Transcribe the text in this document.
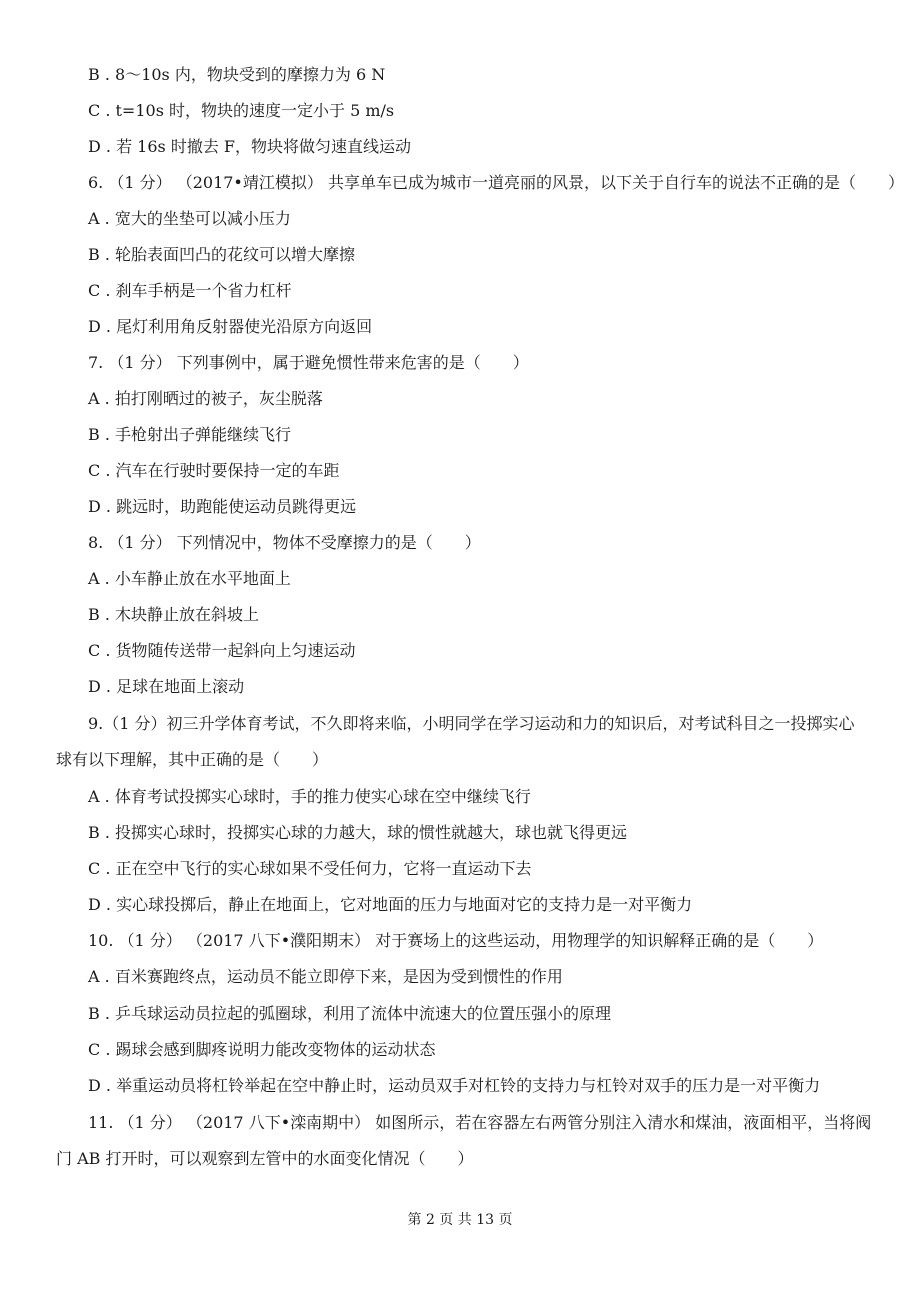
B . 8～10s 内，物块受到的摩擦力为 6 N
C . t=10s 时，物块的速度一定小于 5 m/s
D . 若 16s 时撤去 F，物块将做匀速直线运动
6. （1 分） （2017•靖江模拟） 共享单车已成为城市一道亮丽的风景，以下关于自行车的说法不正确的是（　　）
A . 宽大的坐垫可以减小压力
B . 轮胎表面凹凸的花纹可以增大摩擦
C . 刹车手柄是一个省力杠杆
D . 尾灯利用角反射器使光沿原方向返回
7. （1 分） 下列事例中，属于避免惯性带来危害的是（　　）
A . 拍打刚晒过的被子，灰尘脱落
B . 手枪射出子弹能继续飞行
C . 汽车在行驶时要保持一定的车距
D . 跳远时，助跑能使运动员跳得更远
8. （1 分） 下列情况中，物体不受摩擦力的是（　　）
A . 小车静止放在水平地面上
B . 木块静止放在斜坡上
C . 货物随传送带一起斜向上匀速运动
D . 足球在地面上滚动
9.（1 分）初三升学体育考试，不久即将来临，小明同学在学习运动和力的知识后，对考试科目之一投掷实心
球有以下理解，其中正确的是（　　）
A . 体育考试投掷实心球时，手的推力使实心球在空中继续飞行
B . 投掷实心球时，投掷实心球的力越大，球的惯性就越大，球也就飞得更远
C . 正在空中飞行的实心球如果不受任何力，它将一直运动下去
D . 实心球投掷后，静止在地面上，它对地面的压力与地面对它的支持力是一对平衡力
10. （1 分） （2017 八下•濮阳期末） 对于赛场上的这些运动，用物理学的知识解释正确的是（　　）
A . 百米赛跑终点，运动员不能立即停下来，是因为受到惯性的作用
B . 乒乓球运动员拉起的弧圈球，利用了流体中流速大的位置压强小的原理
C . 踢球会感到脚疼说明力能改变物体的运动状态
D . 举重运动员将杠铃举起在空中静止时，运动员双手对杠铃的支持力与杠铃对双手的压力是一对平衡力
11. （1 分） （2017 八下•滦南期中） 如图所示，若在容器左右两管分别注入清水和煤油，液面相平，当将阀
门 AB 打开时，可以观察到左管中的水面变化情况（　　）
第 2 页 共 13 页
